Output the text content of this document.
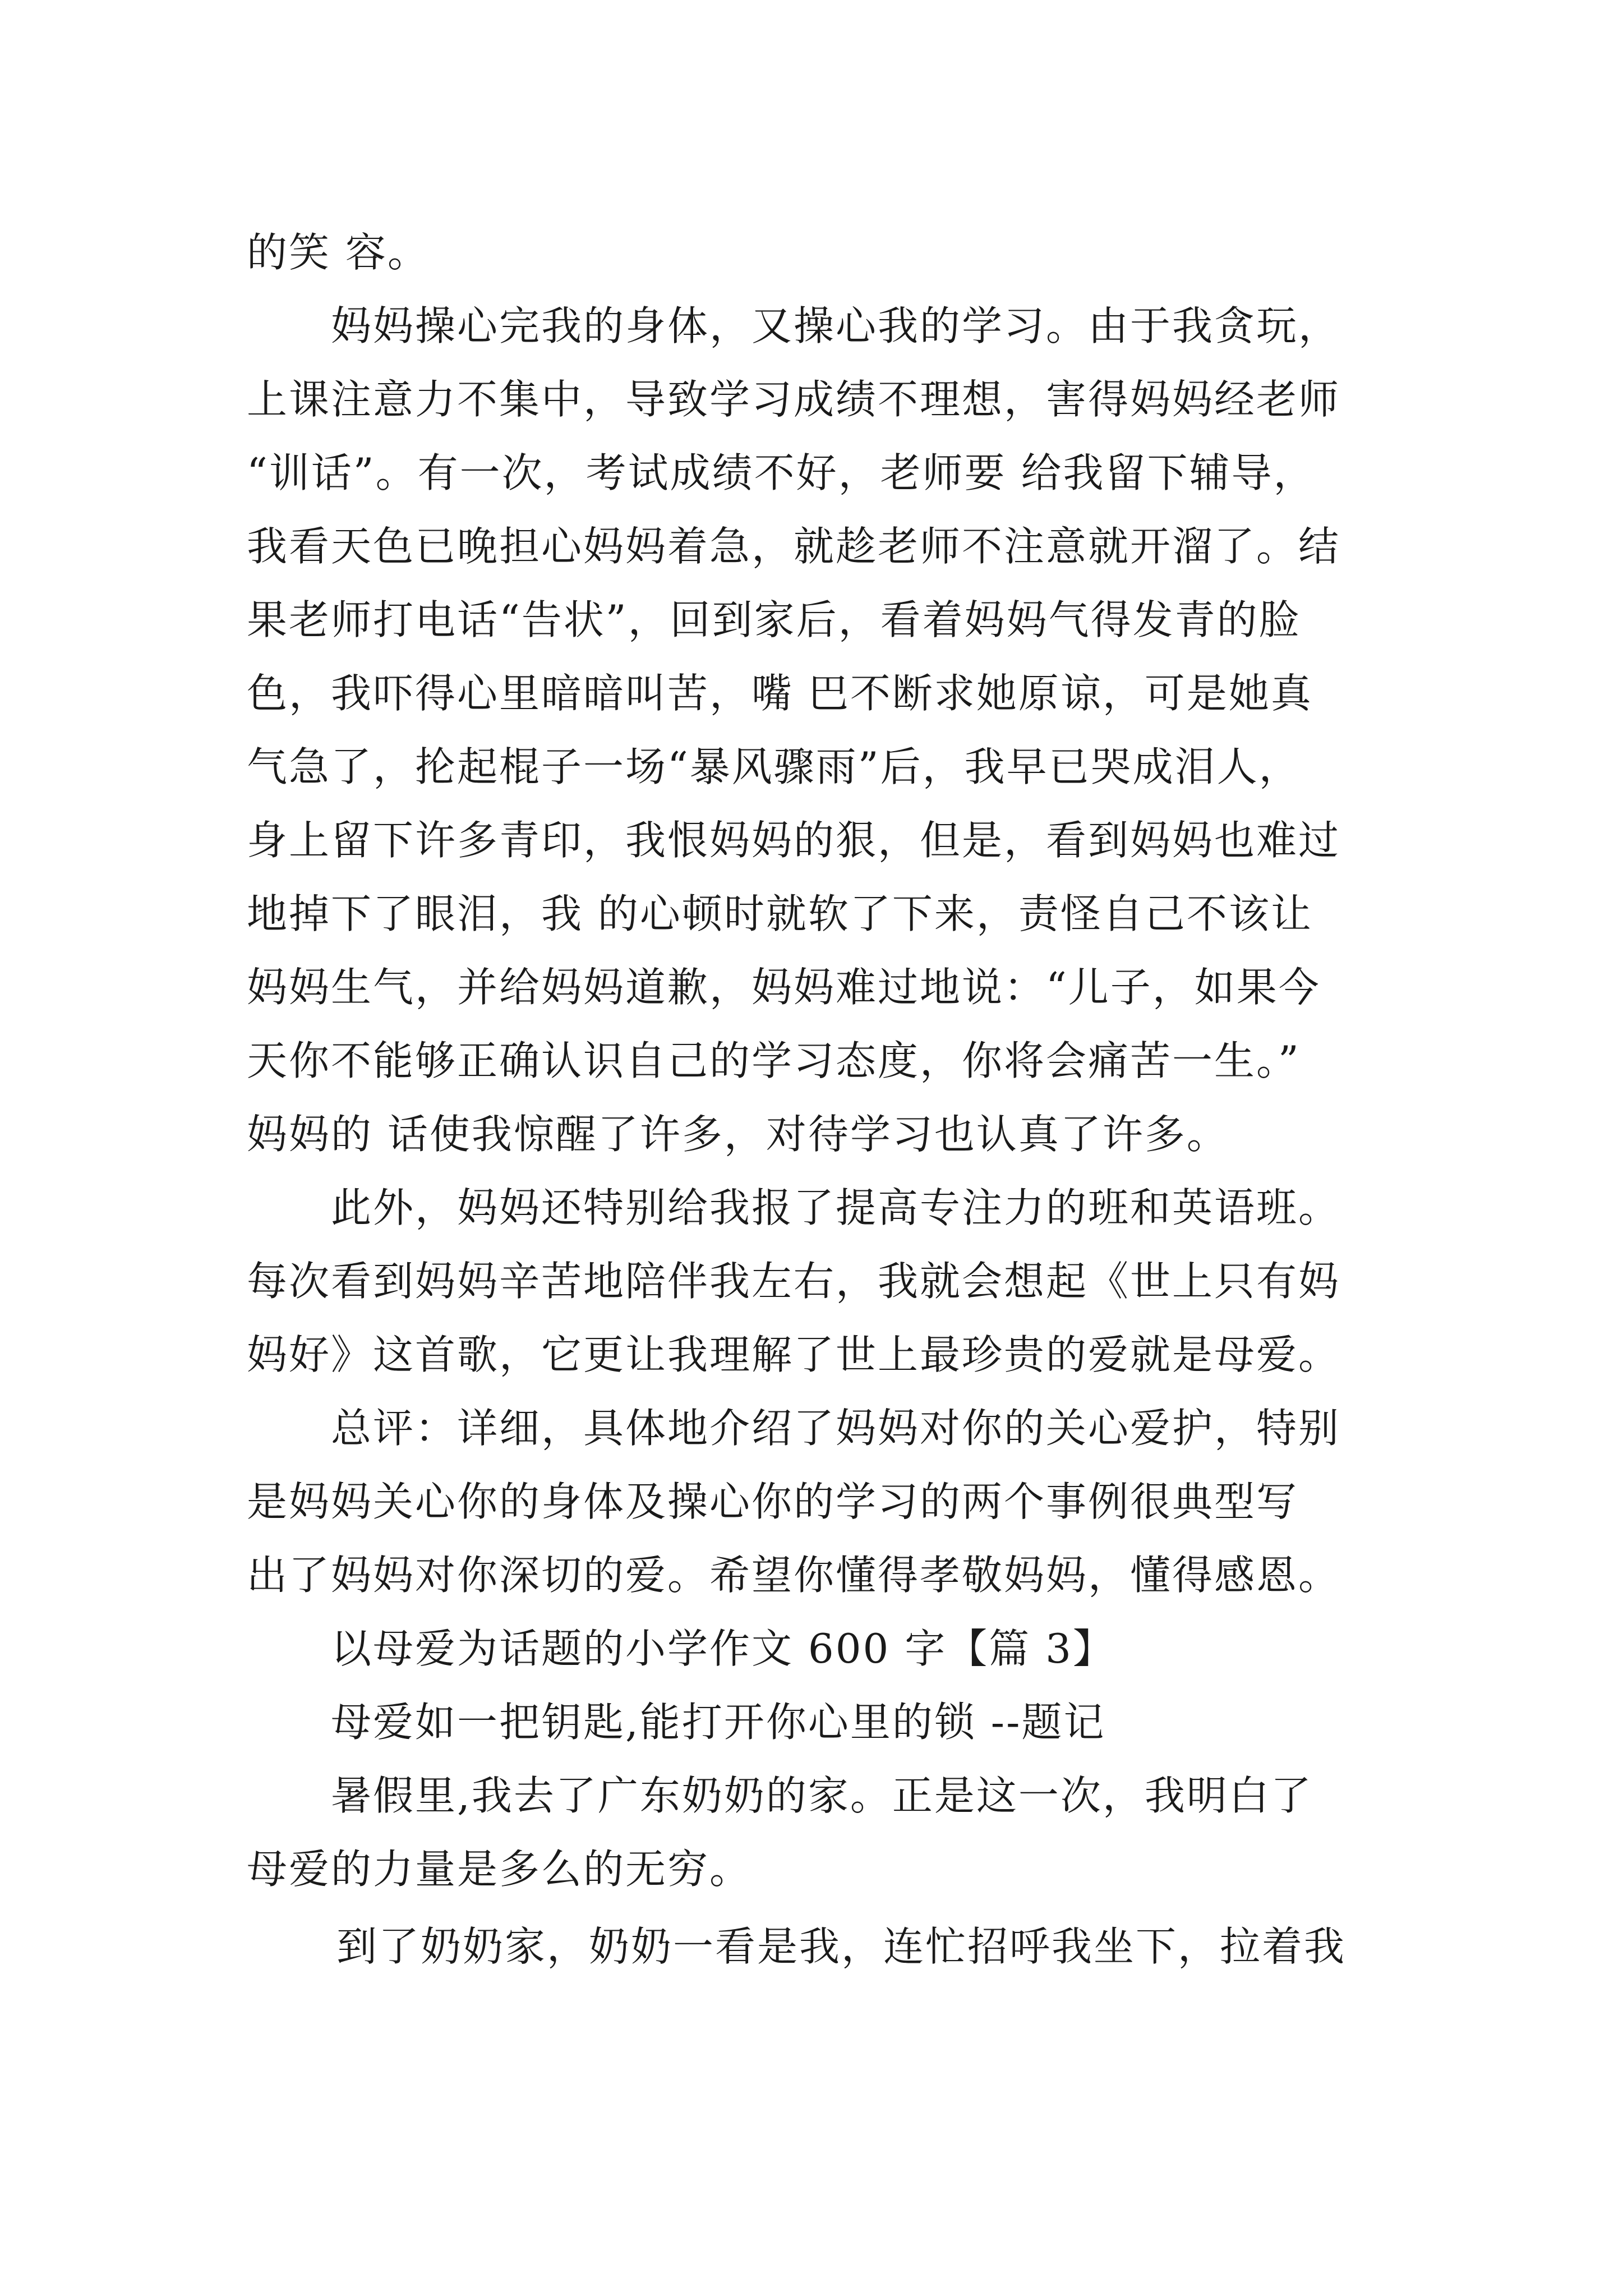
的笑 容。
妈妈操心完我的身体，又操心我的学习。由于我贪玩，
上课注意力不集中，导致学习成绩不理想，害得妈妈经老师
“训话”。有一次，考试成绩不好，老师要 给我留下辅导，
我看天色已晚担心妈妈着急，就趁老师不注意就开溜了。结
果老师打电话“告状”，回到家后，看着妈妈气得发青的脸
色，我吓得心里暗暗叫苦，嘴 巴不断求她原谅，可是她真
气急了，抡起棍子一场“暴风骤雨”后，我早已哭成泪人，
身上留下许多青印，我恨妈妈的狠，但是，看到妈妈也难过
地掉下了眼泪，我 的心顿时就软了下来，责怪自己不该让
妈妈生气，并给妈妈道歉，妈妈难过地说：“儿子，如果今
天你不能够正确认识自己的学习态度，你将会痛苦一生。”
妈妈的 话使我惊醒了许多，对待学习也认真了许多。
此外，妈妈还特别给我报了提高专注力的班和英语班。
每次看到妈妈辛苦地陪伴我左右，我就会想起《世上只有妈
妈好》这首歌，它更让我理解了世上最珍贵的爱就是母爱。
总评：详细，具体地介绍了妈妈对你的关心爱护，特别
是妈妈关心你的身体及操心你的学习的两个事例很典型写
出了妈妈对你深切的爱。希望你懂得孝敬妈妈，懂得感恩。
以母爱为话题的小学作文 600 字【篇 3】
母爱如一把钥匙,能打开你心里的锁 --题记
暑假里,我去了广东奶奶的家。正是这一次，我明白了
母爱的力量是多么的无穷。
到了奶奶家，奶奶一看是我，连忙招呼我坐下，拉着我
